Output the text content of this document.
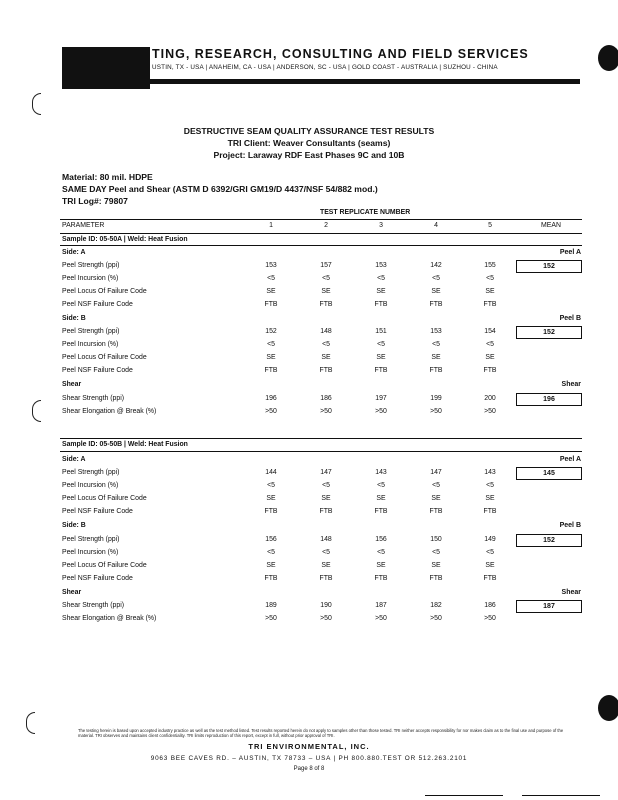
TING, RESEARCH, CONSULTING AND FIELD SERVICES
USTIN, TX - USA | ANAHEIM, CA - USA | ANDERSON, SC - USA | GOLD COAST - AUSTRALIA | SUZHOU - CHINA
DESTRUCTIVE SEAM QUALITY ASSURANCE TEST RESULTS
TRI Client: Weaver Consultants (seams)
Project: Laraway RDF East Phases 9C and 10B
Material: 80 mil. HDPE
SAME DAY Peel and Shear (ASTM D 6392/GRI GM19/D 4437/NSF 54/882 mod.)
TRI Log#: 79807
TEST REPLICATE NUMBER
PARAMETER	1	2	3	4	5	MEAN
Sample ID: 05-50A | Weld: Heat Fusion
Side: A	Peel A
Peel Strength (ppi)	153	157	153	142	155	152
Peel Incursion (%)	<5	<5	<5	<5	<5
Peel Locus Of Failure Code	SE	SE	SE	SE	SE
Peel NSF Failure Code	FTB	FTB	FTB	FTB	FTB
Side: B	Peel B
Peel Strength (ppi)	152	148	151	153	154	152
Peel Incursion (%)	<5	<5	<5	<5	<5
Peel Locus Of Failure Code	SE	SE	SE	SE	SE
Peel NSF Failure Code	FTB	FTB	FTB	FTB	FTB
Shear	Shear
Shear Strength (ppi)	196	186	197	199	200	196
Shear Elongation @ Break (%)	>50	>50	>50	>50	>50
Sample ID: 05-50B | Weld: Heat Fusion
Side: A	Peel A
Peel Strength (ppi)	144	147	143	147	143	145
Peel Incursion (%)	<5	<5	<5	<5	<5
Peel Locus Of Failure Code	SE	SE	SE	SE	SE
Peel NSF Failure Code	FTB	FTB	FTB	FTB	FTB
Side: B	Peel B
Peel Strength (ppi)	156	148	156	150	149	152
Peel Incursion (%)	<5	<5	<5	<5	<5
Peel Locus Of Failure Code	SE	SE	SE	SE	SE
Peel NSF Failure Code	FTB	FTB	FTB	FTB	FTB
Shear	Shear
Shear Strength (ppi)	189	190	187	182	186	187
Shear Elongation @ Break (%)	>50	>50	>50	>50	>50
The testing herein is based upon accepted industry practice as well as the test method listed. Test results reported herein do not apply to samples other than those tested. TRI neither accepts responsibility for nor makes claim as to the final use and purpose of the material. TRI observes and maintains client confidentiality. TRI limits reproduction of this report, except in full, without prior approval of TRI.
TRI ENVIRONMENTAL, INC.
9063 BEE CAVES RD. – AUSTIN, TX 78733 – USA | PH 800.880.TEST OR 512.263.2101
Page 8 of 8
